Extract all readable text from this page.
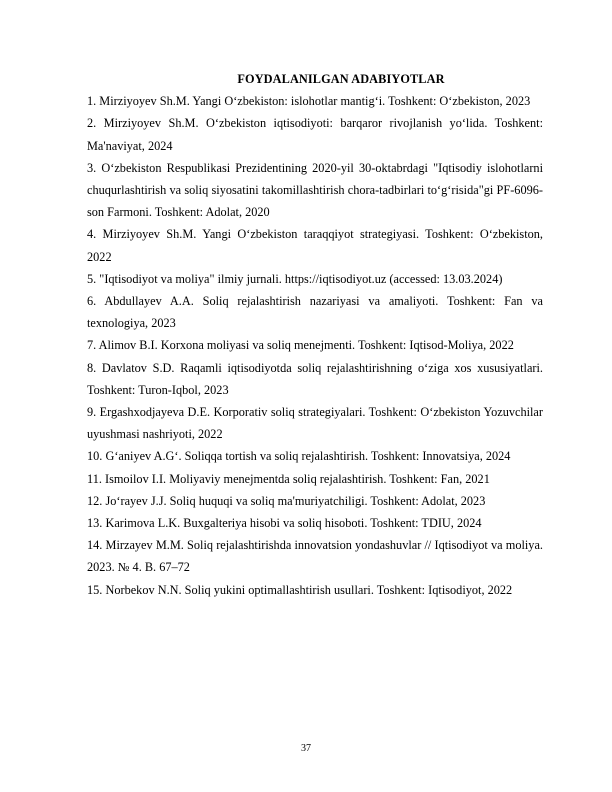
FOYDALANILGAN ADABIYOTLAR

1. Mirziyoyev Sh.M. Yangi O‘zbekiston: islohotlar mantig‘i. Toshkent: O‘zbekiston, 2023

2. Mirziyoyev Sh.M. O‘zbekiston iqtisodiyoti: barqaror rivojlanish yo‘lida. Toshkent: Ma'naviyat, 2024

3. O‘zbekiston Respublikasi Prezidentining 2020-yil 30-oktabrdagi "Iqtisodiy islohotlarni chuqurlashtirish va soliq siyosatini takomillashtirish chora-tadbirlari to‘g‘risida"gi PF-6096-son Farmoni. Toshkent: Adolat, 2020

4. Mirziyoyev Sh.M. Yangi O‘zbekiston taraqqiyot strategiyasi. Toshkent: O‘zbekiston, 2022

5. "Iqtisodiyot va moliya" ilmiy jurnali. https://iqtisodiyot.uz (accessed: 13.03.2024)

6. Abdullayev A.A. Soliq rejalashtirish nazariyasi va amaliyoti. Toshkent: Fan va texnologiya, 2023

7. Alimov B.I. Korxona moliyasi va soliq menejmenti. Toshkent: Iqtisod-Moliya, 2022

8. Davlatov S.D. Raqamli iqtisodiyotda soliq rejalashtirishning o‘ziga xos xususiyatlari. Toshkent: Turon-Iqbol, 2023

9. Ergashxodjayeva D.E. Korporativ soliq strategiyalari. Toshkent: O‘zbekiston Yozuvchilar uyushmasi nashriyoti, 2022

10. G‘aniyev A.G‘. Soliqqa tortish va soliq rejalashtirish. Toshkent: Innovatsiya, 2024

11. Ismoilov I.I. Moliyaviy menejmentda soliq rejalashtirish. Toshkent: Fan, 2021

12. Jo‘rayev J.J. Soliq huquqi va soliq ma'muriyatchiligi. Toshkent: Adolat, 2023

13. Karimova L.K. Buxgalteriya hisobi va soliq hisoboti. Toshkent: TDIU, 2024

14. Mirzayev M.M. Soliq rejalashtirishda innovatsion yondashuvlar // Iqtisodiyot va moliya. 2023. № 4. B. 67–72

15. Norbekov N.N. Soliq yukini optimallashtirish usullari. Toshkent: Iqtisodiyot, 2022

37
